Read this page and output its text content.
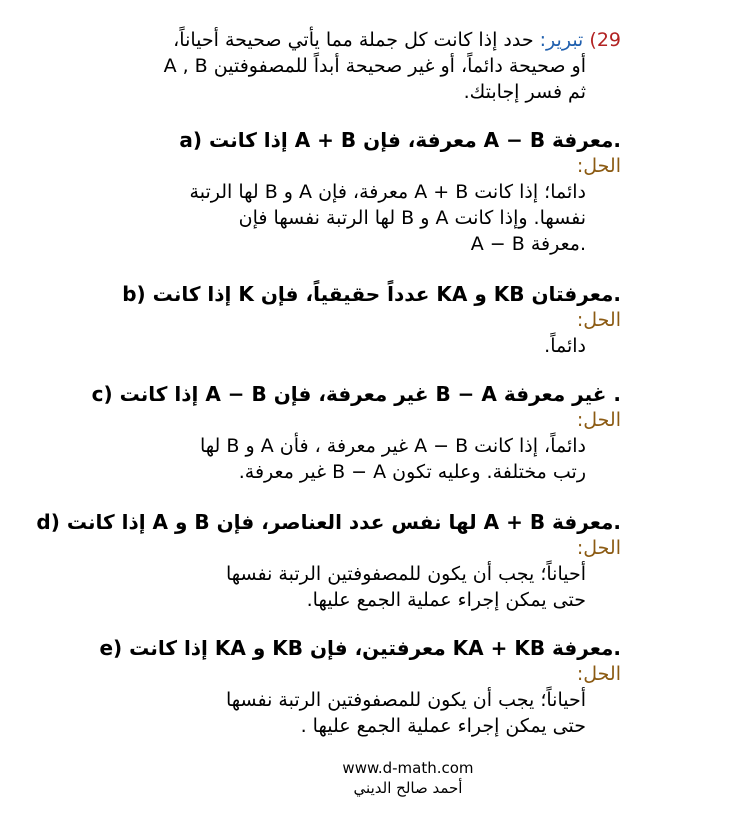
29) تبرير: حدد إذا كانت كل جملة مما يأتي صحيحة أحياناً،
أو صحيحة دائماً، أو غير صحيحة أبداً للمصفوفتين A , B
ثم فسر إجابتك.
a) إذا كانت A + B معرفة، فإن A − B معرفة.
الحل:
دائما؛ إذا كانت A + B معرفة، فإن A و B لها الرتبة
نفسها. وإذا كانت A و B لها الرتبة نفسها فإن
A − B معرفة.
b) إذا كانت K عدداً حقيقياً، فإن KA و KB معرفتان.
الحل:
دائماً.
c) إذا كانت A − B غير معرفة، فإن B − A غير معرفة .
الحل:
دائماً، إذا كانت A − B غير معرفة ، فأن A و B لها
رتب مختلفة. وعليه تكون B − A غير معرفة.
d) إذا كانت A و B لها نفس عدد العناصر، فإن A + B معرفة.
الحل:
أحياناً؛ يجب أن يكون للمصفوفتين الرتبة نفسها
حتى يمكن إجراء عملية الجمع عليها.
e) إذا كانت KA و KB معرفتين، فإن KA + KB معرفة.
الحل:
أحياناً؛ يجب أن يكون للمصفوفتين الرتبة نفسها
حتى يمكن إجراء عملية الجمع عليها .
www.d-math.com
أحمد صالح الديني
